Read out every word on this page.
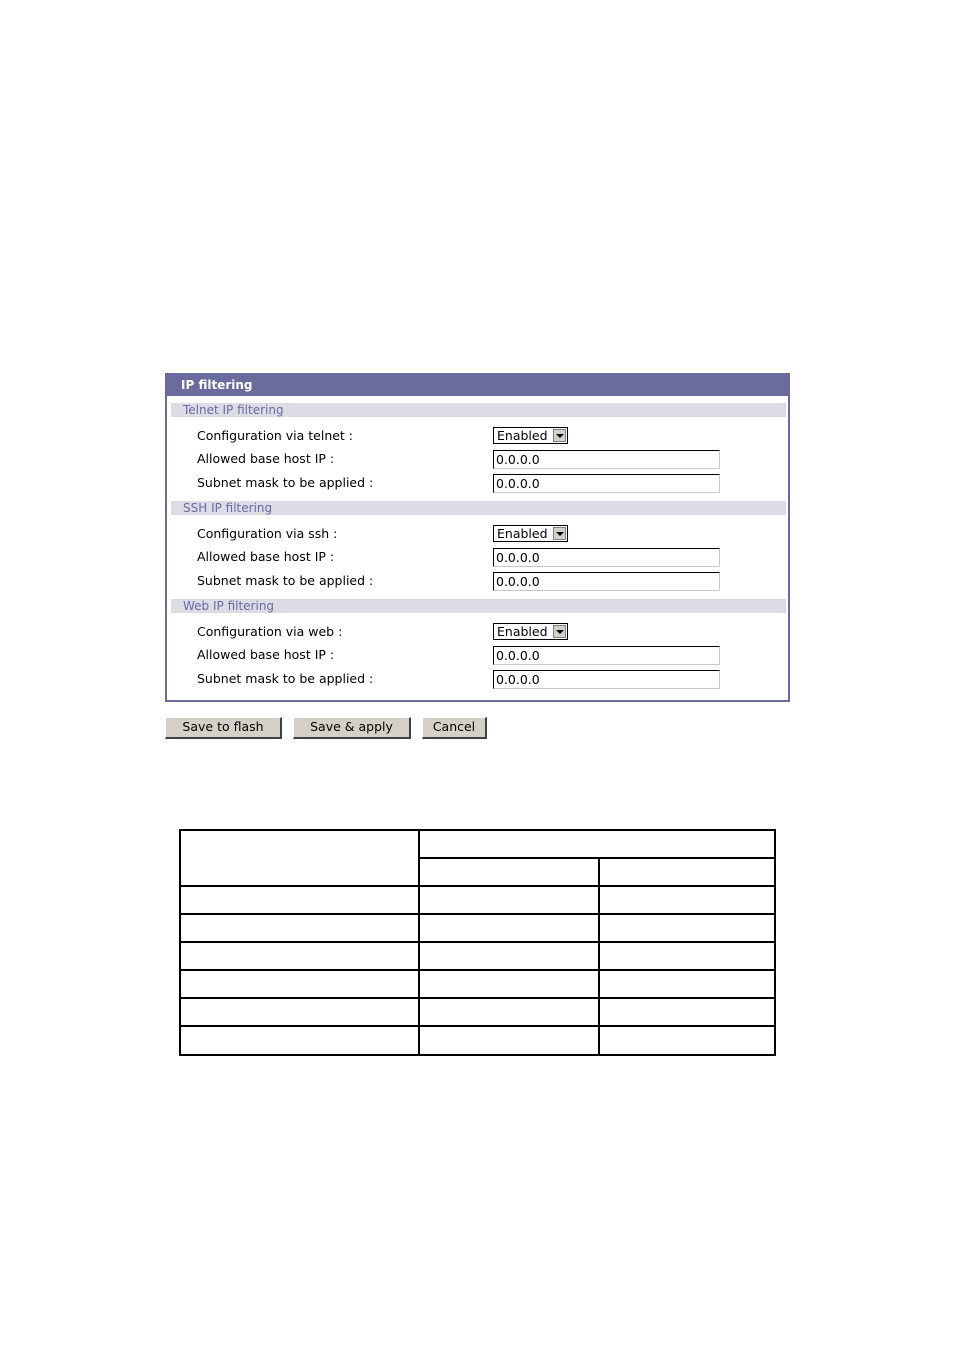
IP filtering
Telnet IP filtering
Configuration via telnet :	Enabled
Allowed base host IP :
0.0.0.0
Subnet mask to be applied :
0.0.0.0
SSH IP filtering
Configuration via ssh :	Enabled
Allowed base host IP :
0.0.0.0
Subnet mask to be applied :
0.0.0.0
Web IP filtering
Configuration via web :	Enabled
Allowed base host IP :
0.0.0.0
Subnet mask to be applied :
0.0.0.0
Save to flash	Save & apply	Cancel
